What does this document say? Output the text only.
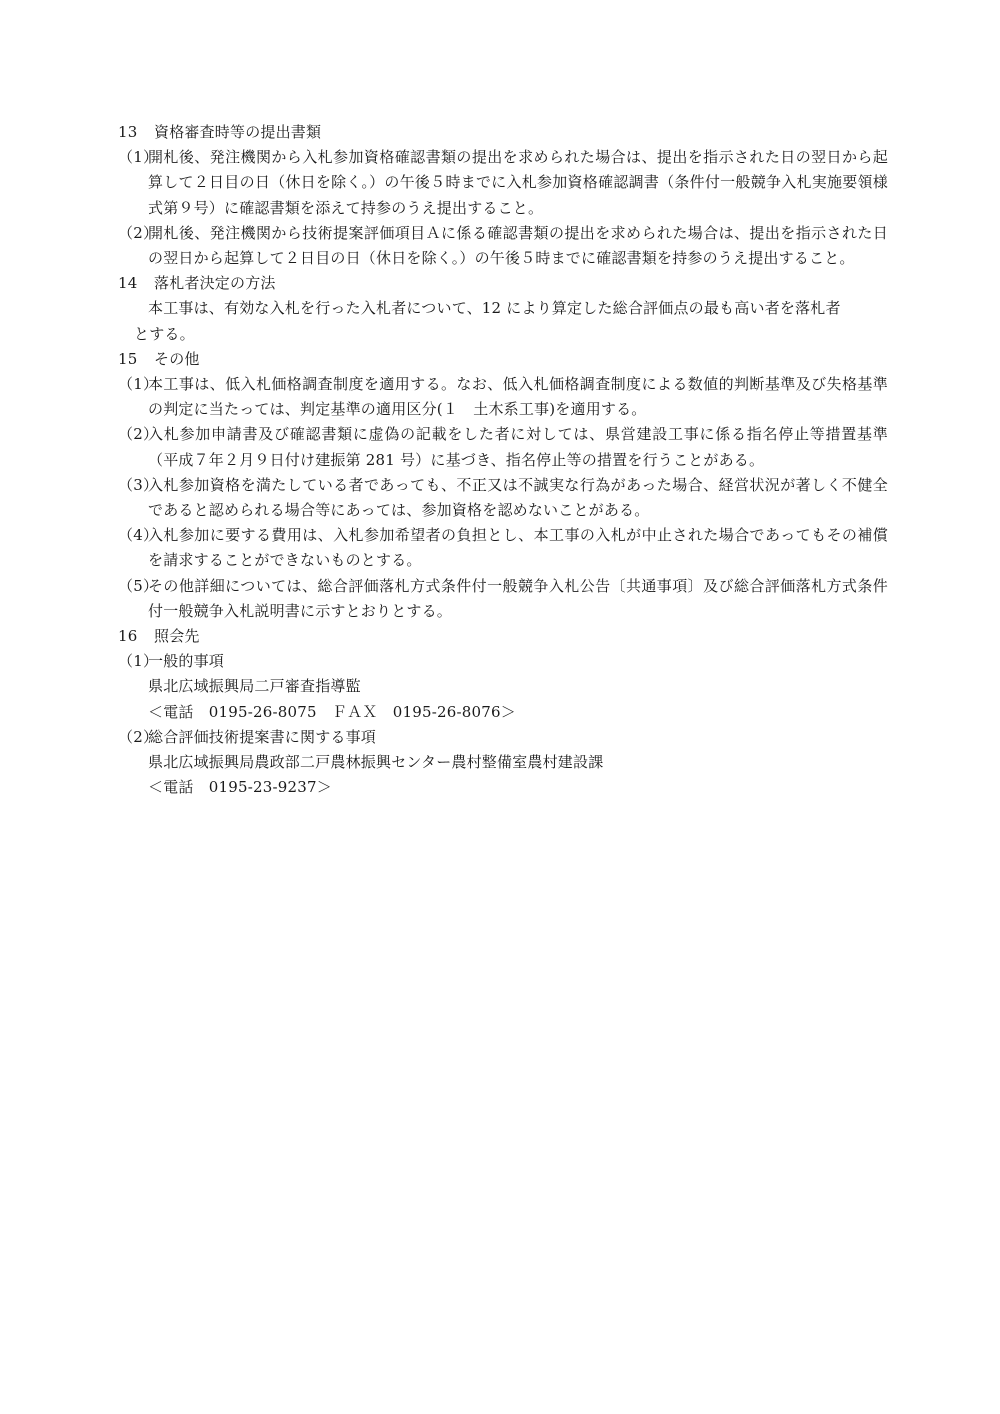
13 資格審査時等の提出書類

（1）
開札後、発注機関から入札参加資格確認書類の提出を求められた場合は、提出を指示された日の翌日から起算して２日目の日（休日を除く。）の午後５時までに入札参加資格確認調書（条件付一般競争入札実施要領様式第９号）に確認書類を添えて持参のうえ提出すること。
（2）
開札後、発注機関から技術提案評価項目Ａに係る確認書類の提出を求められた場合は、提出を指示された日の翌日から起算して２日目の日（休日を除く。）の午後５時までに確認書類を持参のうえ提出すること。

14 落札者決定の方法

本工事は、有効な入札を行った入札者について、12 により算定した総合評価点の最も高い者を落札者

とする。

15 その他

（1）
本工事は、低入札価格調査制度を適用する。なお、低入札価格調査制度による数値的判断基準及び失格基準の判定に当たっては、判定基準の適用区分(１　土木系工事)を適用する。
（2）
入札参加申請書及び確認書類に虚偽の記載をした者に対しては、県営建設工事に係る指名停止等措置基準（平成７年２月９日付け建振第 281 号）に基づき、指名停止等の措置を行うことがある。
（3）
入札参加資格を満たしている者であっても、不正又は不誠実な行為があった場合、経営状況が著しく不健全であると認められる場合等にあっては、参加資格を認めないことがある。
（4）
入札参加に要する費用は、入札参加希望者の負担とし、本工事の入札が中止された場合であってもその補償を請求することができないものとする。
（5）
その他詳細については、総合評価落札方式条件付一般競争入札公告〔共通事項〕及び総合評価落札方式条件付一般競争入札説明書に示すとおりとする。

16 照会先

（1）
一般的事項

県北広域振興局二戸審査指導監

＜電話　0195-26-8075　ＦＡＸ　0195-26-8076＞

（2）
総合評価技術提案書に関する事項

県北広域振興局農政部二戸農林振興センター農村整備室農村建設課

＜電話　0195-23-9237＞
